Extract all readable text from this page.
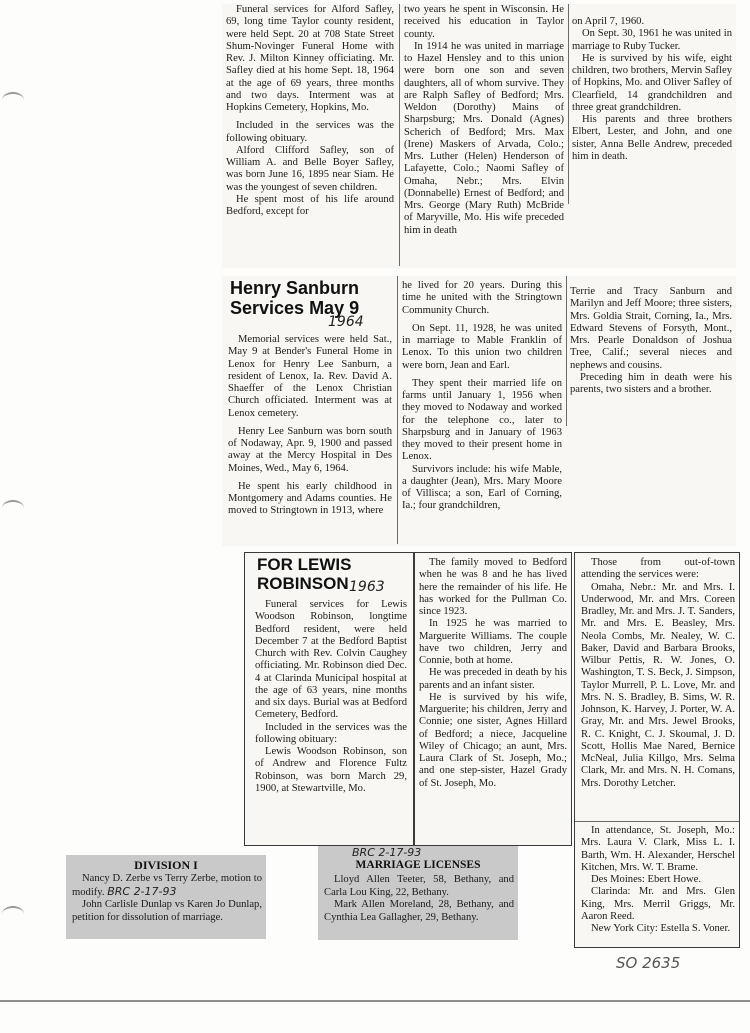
Funeral services for Alford Safley, 69, long time Taylor county resident, were held Sept. 20 at 708 State Street Shum-Novinger Funeral Home with Rev. J. Milton Kinney officiating. Mr. Safley died at his home Sept. 18, 1964 at the age of 69 years, three months and two days. Interment was at Hopkins Cemetery, Hopkins, Mo.

Included in the services was the following obituary.

Alford Clifford Safley, son of William A. and Belle Boyer Safley, was born June 16, 1895 near Siam. He was the youngest of seven children.

He spent most of his life around Bedford, except for

two years he spent in Wisconsin. He received his education in Taylor county.

In 1914 he was united in marriage to Hazel Hensley and to this union were born one son and seven daughters, all of whom survive. They are Ralph Safley of Bedford; Mrs. Weldon (Dorothy) Mains of Sharpsburg; Mrs. Donald (Agnes) Scherich of Bedford; Mrs. Max (Irene) Maskers of Arvada, Colo.; Mrs. Luther (Helen) Henderson of Lafayette, Colo.; Naomi Safley of Omaha, Nebr.; Mrs. Elvin (Donnabelle) Ernest of Bedford; and Mrs. George (Mary Ruth) McBride of Maryville, Mo. His wife preceded him in death

on April 7, 1960.

On Sept. 30, 1961 he was united in marriage to Ruby Tucker.

He is survived by his wife, eight children, two brothers, Mervin Safley of Hopkins, Mo. and Oliver Safley of Clearfield, 14 grandchildren and three great grandchildren.

His parents and three brothers Elbert, Lester, and John, and one sister, Anna Belle Andrew, preceded him in death.

Henry Sanburn Services May 9
1964

Memorial services were held Sat., May 9 at Bender's Funeral Home in Lenox for Henry Lee Sanburn, a resident of Lenox, Ia. Rev. David A. Shaeffer of the Lenox Christian Church officiated. Interment was at Lenox cemetery.

Henry Lee Sanburn was born south of Nodaway, Apr. 9, 1900 and passed away at the Mercy Hospital in Des Moines, Wed., May 6, 1964.

He spent his early childhood in Montgomery and Adams counties. He moved to Stringtown in 1913, where

he lived for 20 years. During this time he united with the Stringtown Community Church.

On Sept. 11, 1928, he was united in marriage to Mable Franklin of Lenox. To this union two children were born, Jean and Earl.

They spent their married life on farms until January 1, 1956 when they moved to Nodaway and worked for the telephone co., later to Sharpsburg and in January of 1963 they moved to their present home in Lenox.

Survivors include: his wife Mable, a daughter (Jean), Mrs. Mary Moore of Villisca; a son, Earl of Corning, Ia.; four grandchildren,

Terrie and Tracy Sanburn and Marilyn and Jeff Moore; three sisters, Mrs. Goldia Strait, Corning, Ia., Mrs. Edward Stevens of Forsyth, Mont., Mrs. Pearle Donaldson of Joshua Tree, Calif.; several nieces and nephews and cousins.

Preceding him in death were his parents, two sisters and a brother.

FOR LEWIS ROBINSON 1963

Funeral services for Lewis Woodson Robinson, longtime Bedford resident, were held December 7 at the Bedford Baptist Church with Rev. Colvin Caughey officiating. Mr. Robinson died Dec. 4 at Clarinda Municipal hospital at the age of 63 years, nine months and six days. Burial was at Bedford Cemetery, Bedford.

Included in the services was the following obituary:

Lewis Woodson Robinson, son of Andrew and Florence Fultz Robinson, was born March 29, 1900, at Stewartville, Mo.

The family moved to Bedford when he was 8 and he has lived here the remainder of his life. He has worked for the Pullman Co. since 1923.

In 1925 he was married to Marguerite Williams. The couple have two children, Jerry and Connie, both at home.

He was preceded in death by his parents and an infant sister.

He is survived by his wife, Marguerite; his children, Jerry and Connie; one sister, Agnes Hillard of Bedford; a niece, Jacqueline Wiley of Chicago; an aunt, Mrs. Laura Clark of St. Joseph, Mo.; and one step-sister, Hazel Grady of St. Joseph, Mo.

Those from out-of-town attending the services were:

Omaha, Nebr.: Mr. and Mrs. I. Underwood, Mr. and Mrs. Coreen Bradley, Mr. and Mrs. J. T. Sanders, Mr. and Mrs. E. Beasley, Mrs. Neola Combs, Mr. Nealey, W. C. Baker, David and Barbara Brooks, Wilbur Pettis, R. W. Jones, O. Washington, T. S. Beck, J. Simpson, Taylor Murrell, P. L. Love, Mr. and Mrs. N. S. Bradley, B. Sims, W. R. Johnson, K. Harvey, J. Porter, W. A. Gray, Mr. and Mrs. Jewel Brooks, R. C. Knight, C. J. Skoumal, J. D. Scott, Hollis Mae Nared, Bernice McNeal, Julia Killgo, Mrs. Selma Clark, Mr. and Mrs. N. H. Comans, Mrs. Dorothy Letcher.

In attendance, St. Joseph, Mo.: Mrs. Laura V. Clark, Miss L. I. Barth, Wm. H. Alexander, Herschel Kitchen, Mrs. W. T. Brame.

Des Moines: Ebert Howe.

Clarinda: Mr. and Mrs. Glen King, Mrs. Merril Griggs, Mr. Aaron Reed.

New York City: Estella S. Voner.

DIVISION I

Nancy D. Zerbe vs Terry Zerbe, motion to modify. BRC 2-17-93

John Carlisle Dunlap vs Karen Jo Dunlap, petition for dissolution of marriage.

BRC 2-17-93
MARRIAGE LICENSES

Lloyd Allen Teeter, 58, Bethany, and Carla Lou King, 22, Bethany.

Mark Allen Moreland, 28, Bethany, and Cynthia Lea Gallagher, 29, Bethany.

SO 2635
